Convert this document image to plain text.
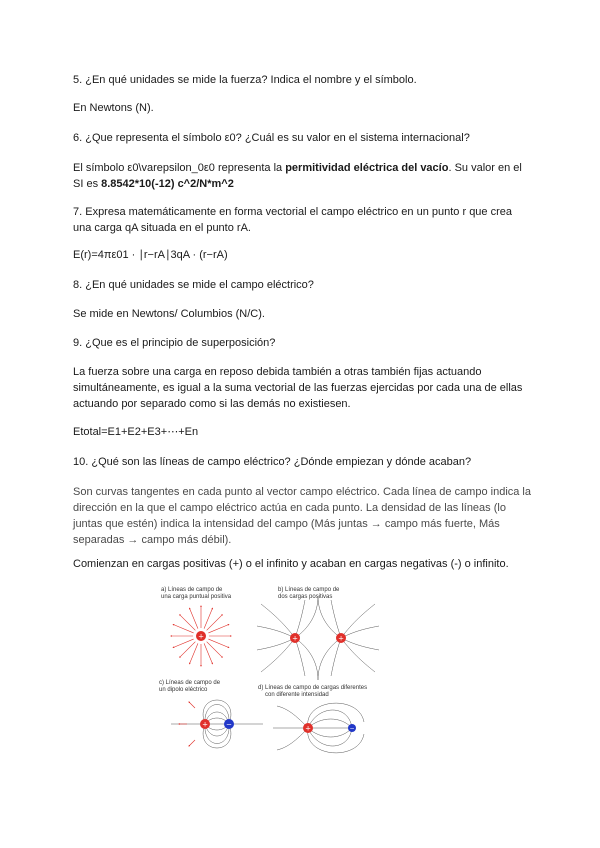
5. ¿En qué unidades se mide la fuerza? Indica el nombre y el símbolo.

En Newtons (N).

6. ¿Que representa el símbolo ε0? ¿Cuál es su valor en el sistema internacional?

El símbolo ε0\varepsilon_0ε0 representa la permitividad eléctrica del vacío. Su valor en el SI es 8.8542*10(-12) c^2/N*m^2

7. Expresa matemáticamente en forma vectorial el campo eléctrico en un punto r que crea una carga qA situada en el punto rA.

E(r)=4πε01 · ∣r−rA∣3qA · (r−rA)

8. ¿En qué unidades se mide el campo eléctrico?

Se mide en Newtons/ Columbios (N/C).

9. ¿Que es el principio de superposición?

La fuerza sobre una carga en reposo debida también a otras también fijas actuando simultáneamente, es igual a la suma vectorial de las fuerzas ejercidas por cada una de ellas actuando por separado como si las demás no existiesen.

Etotal=E1+E2+E3+⋯+En

10. ¿Qué son las líneas de campo eléctrico? ¿Dónde empiezan y dónde acaban?

Son curvas tangentes en cada punto al vector campo eléctrico. Cada línea de campo indica la dirección en la que el campo eléctrico actúa en cada punto. La densidad de las líneas (lo juntas que estén) indica la intensidad del campo (Más juntas → campo más fuerte, Más separadas → campo más débil).

Comienzan en cargas positivas (+) o el infinito y acaban en cargas negativas (-) o infinito.

a) Líneas de campo de
una carga puntual positiva
+
b) Líneas de campo de
dos cargas positivas
+	+
c) Líneas de campo de
un dipolo eléctrico
+	−
d) Líneas de campo de cargas diferentes
con diferente intensidad
+	−
